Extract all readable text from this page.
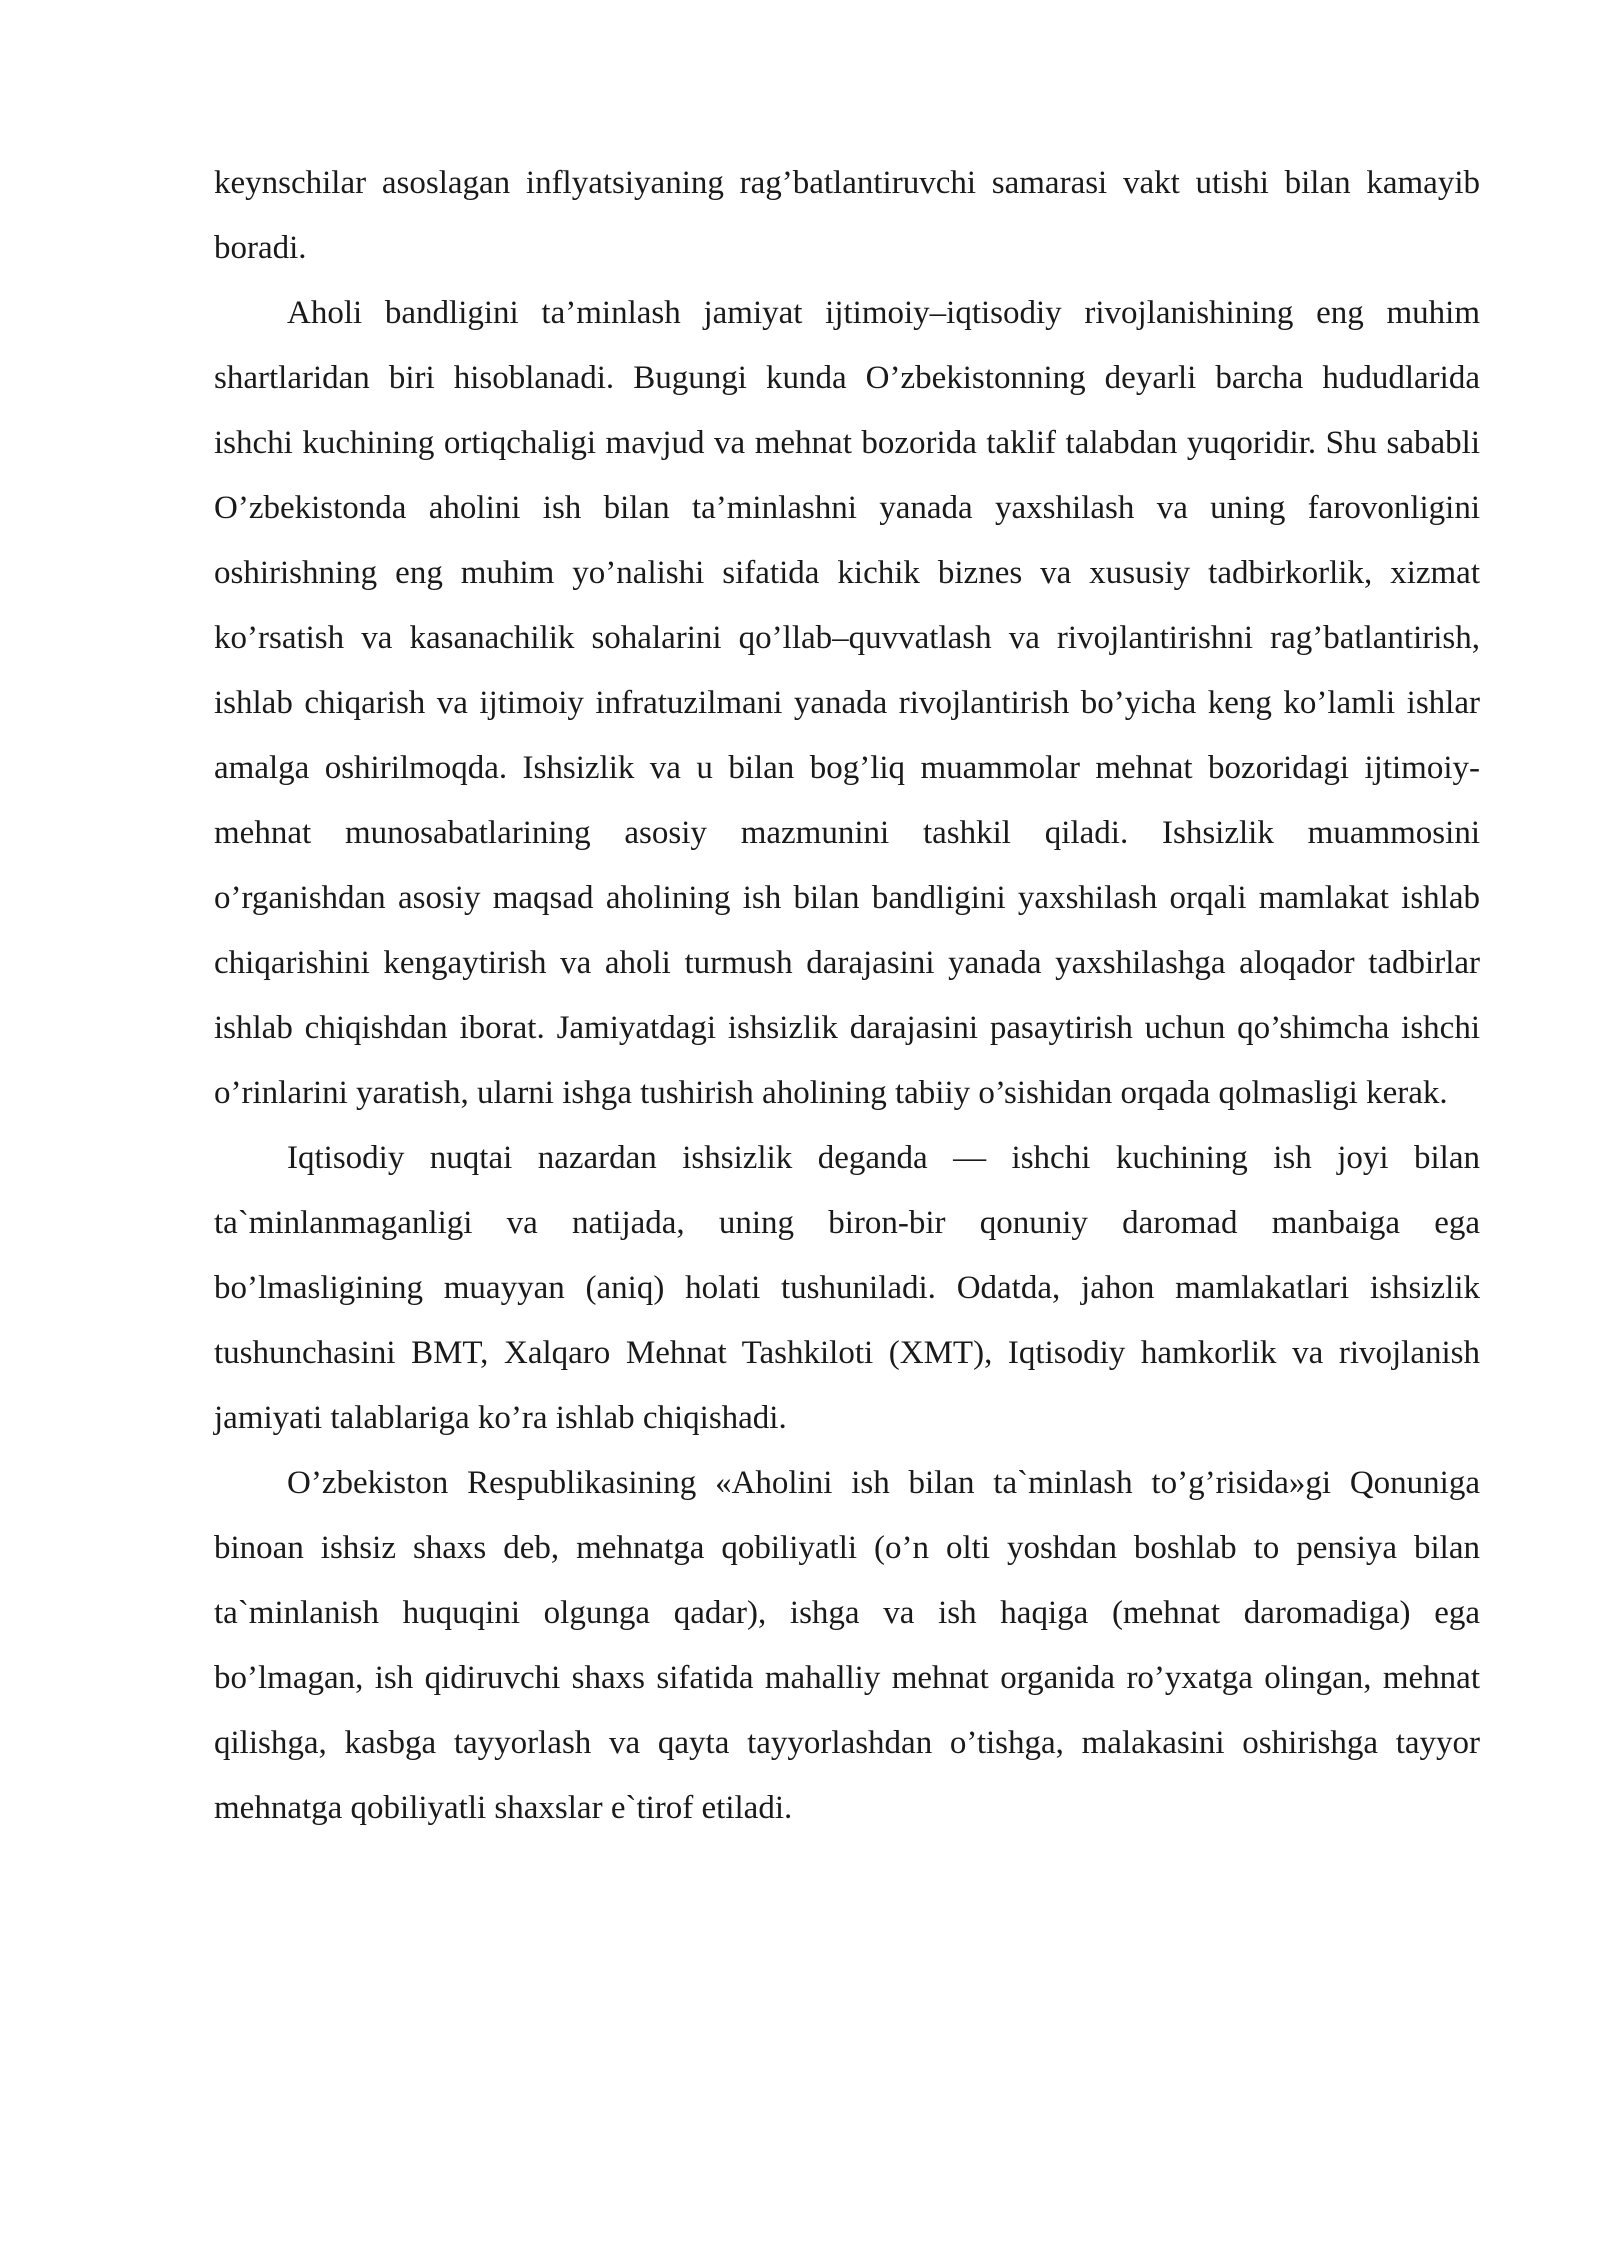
keynschilar asoslagan inflyatsiyaning rag’batlantiruvchi samarasi vakt utishi bilan kamayib boradi.

Aholi bandligini ta’minlash jamiyat ijtimoiy–iqtisodiy rivojlanishining eng muhim shartlaridan biri hisoblanadi. Bugungi kunda O’zbekistonning deyarli barcha hududlarida ishchi kuchining ortiqchaligi mavjud va mehnat bozorida taklif talabdan yuqoridir. Shu sababli O’zbekistonda aholini ish bilan ta’minlashni yanada yaxshilash va uning farovonligini oshirishning eng muhim yo’nalishi sifatida kichik biznes va xususiy tadbirkorlik, xizmat ko’rsatish va kasanachilik sohalarini qo’llab–quvvatlash va rivojlantirishni rag’batlantirish, ishlab chiqarish va ijtimoiy infratuzilmani yanada rivojlantirish bo’yicha keng ko’lamli ishlar amalga oshirilmoqda. Ishsizlik va u bilan bog’liq muammolar mehnat bozoridagi ijtimoiy-mehnat munosabatlarining asosiy mazmunini tashkil qiladi. Ishsizlik muammosini o’rganishdan asosiy maqsad aholining ish bilan bandligini yaxshilash orqali mamlakat ishlab chiqarishini kengaytirish va aholi turmush darajasini yanada yaxshilashga aloqador tadbirlar ishlab chiqishdan iborat. Jamiyatdagi ishsizlik darajasini pasaytirish uchun qo’shimcha ishchi o’rinlarini yaratish, ularni ishga tushirish aholining tabiiy o’sishidan orqada qolmasligi kerak.

Iqtisodiy nuqtai nazardan ishsizlik deganda — ishchi kuchining ish joyi bilan ta`minlanmaganligi va natijada, uning biron-bir qonuniy daromad manbaiga ega bo’lmasligining muayyan (aniq) holati tushuniladi. Odatda, jahon mamlakatlari ishsizlik tushunchasini BMT, Xalqaro Mehnat Tashkiloti (XMT), Iqtisodiy hamkorlik va rivojlanish jamiyati talablariga ko’ra ishlab chiqishadi.

O’zbekiston Respublikasining «Aholini ish bilan ta`minlash to’g’risida»gi Qonuniga binoan ishsiz shaxs deb, mehnatga qobiliyatli (o’n olti yoshdan boshlab to pensiya bilan ta`minlanish huquqini olgunga qadar), ishga va ish haqiga (mehnat daromadiga) ega bo’lmagan, ish qidiruvchi shaxs sifatida mahalliy mehnat organida ro’yxatga olingan, mehnat qilishga, kasbga tayyorlash va qayta tayyorlashdan o’tishga, malakasini oshirishga tayyor mehnatga qobiliyatli shaxslar e`tirof etiladi.
